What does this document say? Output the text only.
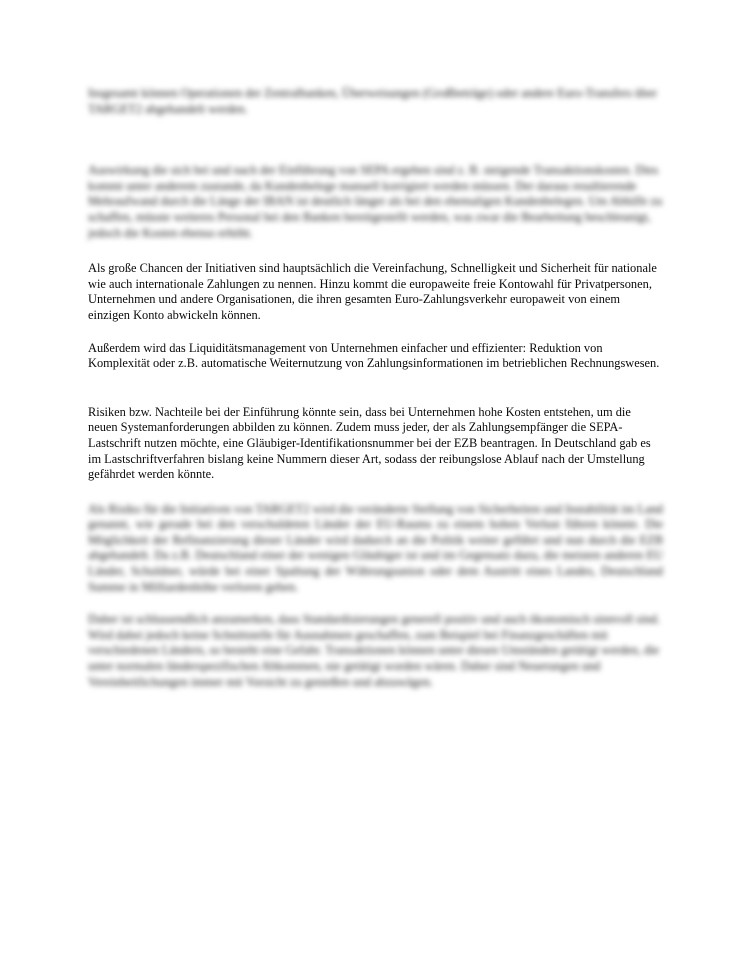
Insgesamt können Operationen der Zentralbanken, Überweisungen (Großbeträge) oder andere Euro-Transfers über TARGET2 abgehandelt werden.

Auswirkung die sich bei und nach der Einführung von SEPA ergeben sind z. B. steigende Transaktionskosten. Dies kommt unter anderem zustande, da Kundenbelege manuell korrigiert werden müssen. Der daraus resultierende Mehraufwand durch die Länge der IBAN ist deutlich länger als bei den ehemaligen Kundenbelegen. Um Abhilfe zu schaffen, müsste weiteres Personal bei den Banken bereitgestellt werden, was zwar die Bearbeitung beschleunigt, jedoch die Kosten ebenso erhöht.

Als große Chancen der Initiativen sind hauptsächlich die Vereinfachung, Schnelligkeit und Sicherheit für nationale wie auch internationale Zahlungen zu nennen. Hinzu kommt die europaweite freie Kontowahl für Privatpersonen, Unternehmen und andere Organisationen, die ihren gesamten Euro-Zahlungsverkehr europaweit von einem einzigen Konto abwickeln können.

Außerdem wird das Liquiditätsmanagement von Unternehmen einfacher und effizienter: Reduktion von Komplexität oder z.B. automatische Weiternutzung von Zahlungsinformationen im betrieblichen Rechnungswesen.

Risiken bzw. Nachteile bei der Einführung könnte sein, dass bei Unternehmen hohe Kosten entstehen, um die neuen Systemanforderungen abbilden zu können. Zudem muss jeder, der als Zahlungsempfänger die SEPA-Lastschrift nutzen möchte, eine Gläubiger-Identifikationsnummer bei der EZB beantragen. In Deutschland gab es im Lastschriftverfahren bislang keine Nummern dieser Art, sodass der reibungslose Ablauf nach der Umstellung gefährdet werden könnte.

Als Risiko für die Initiativen von TARGET2 wird die veränderte Stellung von Sicherheiten und Instabilität im Land genannt, wie gerade bei den verschuldeten Länder der EU-Raums zu einem hohen Verlust führen könnte. Die Möglichkeit der Refinanzierung dieser Länder wird dadurch an die Politik weiter geführt und nun durch die EZB abgehandelt. Da z.B. Deutschland einer der wenigen Gläubiger ist und im Gegensatz dazu, die meisten anderen EU Länder, Schuldner, würde bei einer Spaltung der Währungsunion oder dem Austritt eines Landes, Deutschland Summe in Milliardenhöhe verloren gehen.

Daher ist schlussendlich anzumerken, dass Standardisierungen generell positiv und auch ökonomisch sinnvoll sind. Wird dabei jedoch keine Schnittstelle für Ausnahmen geschaffen, zum Beispiel bei Finanzgeschäften mit verschiedenen Ländern, so besteht eine Gefahr. Transaktionen können unter diesen Umständen getätigt werden, die unter normalen länderspezifischen Abkommen, nie getätigt worden wären. Daher sind Neuerungen und Vereinheitlichungen immer mit Vorsicht zu genießen und abzuwägen.
